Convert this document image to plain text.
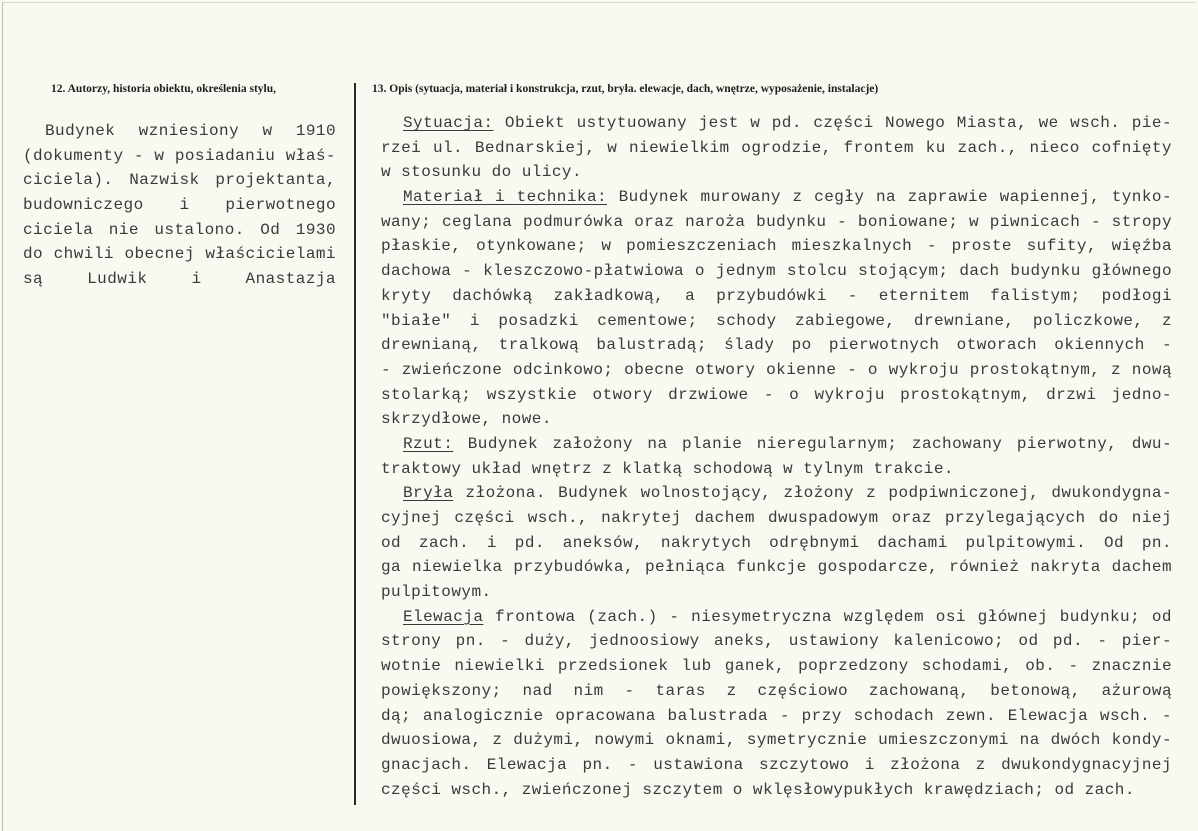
12. Autorzy, historia obiektu, określenia stylu,	13. Opis (sytuacja, materiał i konstrukcja, rzut, bryła. elewacje, dach, wnętrze, wyposażenie, instalacje)
Budynek wzniesiony w 1910
(dokumenty - w posiadaniu właś-
ciciela). Nazwisk projektanta,
budowniczego i pierwotnego
ciciela nie ustalono. Od 1930
do chwili obecnej właścicielami
są Ludwik i Anastazja
Sytuacja: Obiekt ustytuowany jest w pd. części Nowego Miasta, we wsch. pie-
rzei ul. Bednarskiej, w niewielkim ogrodzie, frontem ku zach., nieco cofnięty
w stosunku do ulicy.
Materiał i technika: Budynek murowany z cegły na zaprawie wapiennej, tynko-
wany; ceglana podmurówka oraz naroża budynku - boniowane; w piwnicach - stropy
płaskie, otynkowane; w pomieszczeniach mieszkalnych - proste sufity, więźba
dachowa - kleszczowo-płatwiowa o jednym stolcu stojącym; dach budynku głównego
kryty dachówką zakładkową, a przybudówki - eternitem falistym; podłogi
"białe" i posadzki cementowe; schody zabiegowe, drewniane, policzkowe, z
drewnianą, tralkową balustradą; ślady po pierwotnych otworach okiennych -
- zwieńczone odcinkowo; obecne otwory okienne - o wykroju prostokątnym, z nową
stolarką; wszystkie otwory drzwiowe - o wykroju prostokątnym, drzwi jedno-
skrzydłowe, nowe.
Rzut: Budynek założony na planie nieregularnym; zachowany pierwotny, dwu-
traktowy układ wnętrz z klatką schodową w tylnym trakcie.
Bryła złożona. Budynek wolnostojący, złożony z podpiwniczonej, dwukondygna-
cyjnej części wsch., nakrytej dachem dwuspadowym oraz przylegających do niej
od zach. i pd. aneksów, nakrytych odrębnymi dachami pulpitowymi. Od pn.
ga niewielka przybudówka, pełniąca funkcje gospodarcze, również nakryta dachem
pulpitowym.
Elewacja frontowa (zach.) - niesymetryczna względem osi głównej budynku; od
strony pn. - duży, jednoosiowy aneks, ustawiony kalenicowo; od pd. - pier-
wotnie niewielki przedsionek lub ganek, poprzedzony schodami, ob. - znacznie
powiększony; nad nim - taras z częściowo zachowaną, betonową, ażurową
dą; analogicznie opracowana balustrada - przy schodach zewn. Elewacja wsch. -
dwuosiowa, z dużymi, nowymi oknami, symetrycznie umieszczonymi na dwóch kondy-
gnacjach. Elewacja pn. - ustawiona szczytowo i złożona z dwukondygnacyjnej
części wsch., zwieńczonej szczytem o wklęsłowypukłych krawędziach; od zach.
